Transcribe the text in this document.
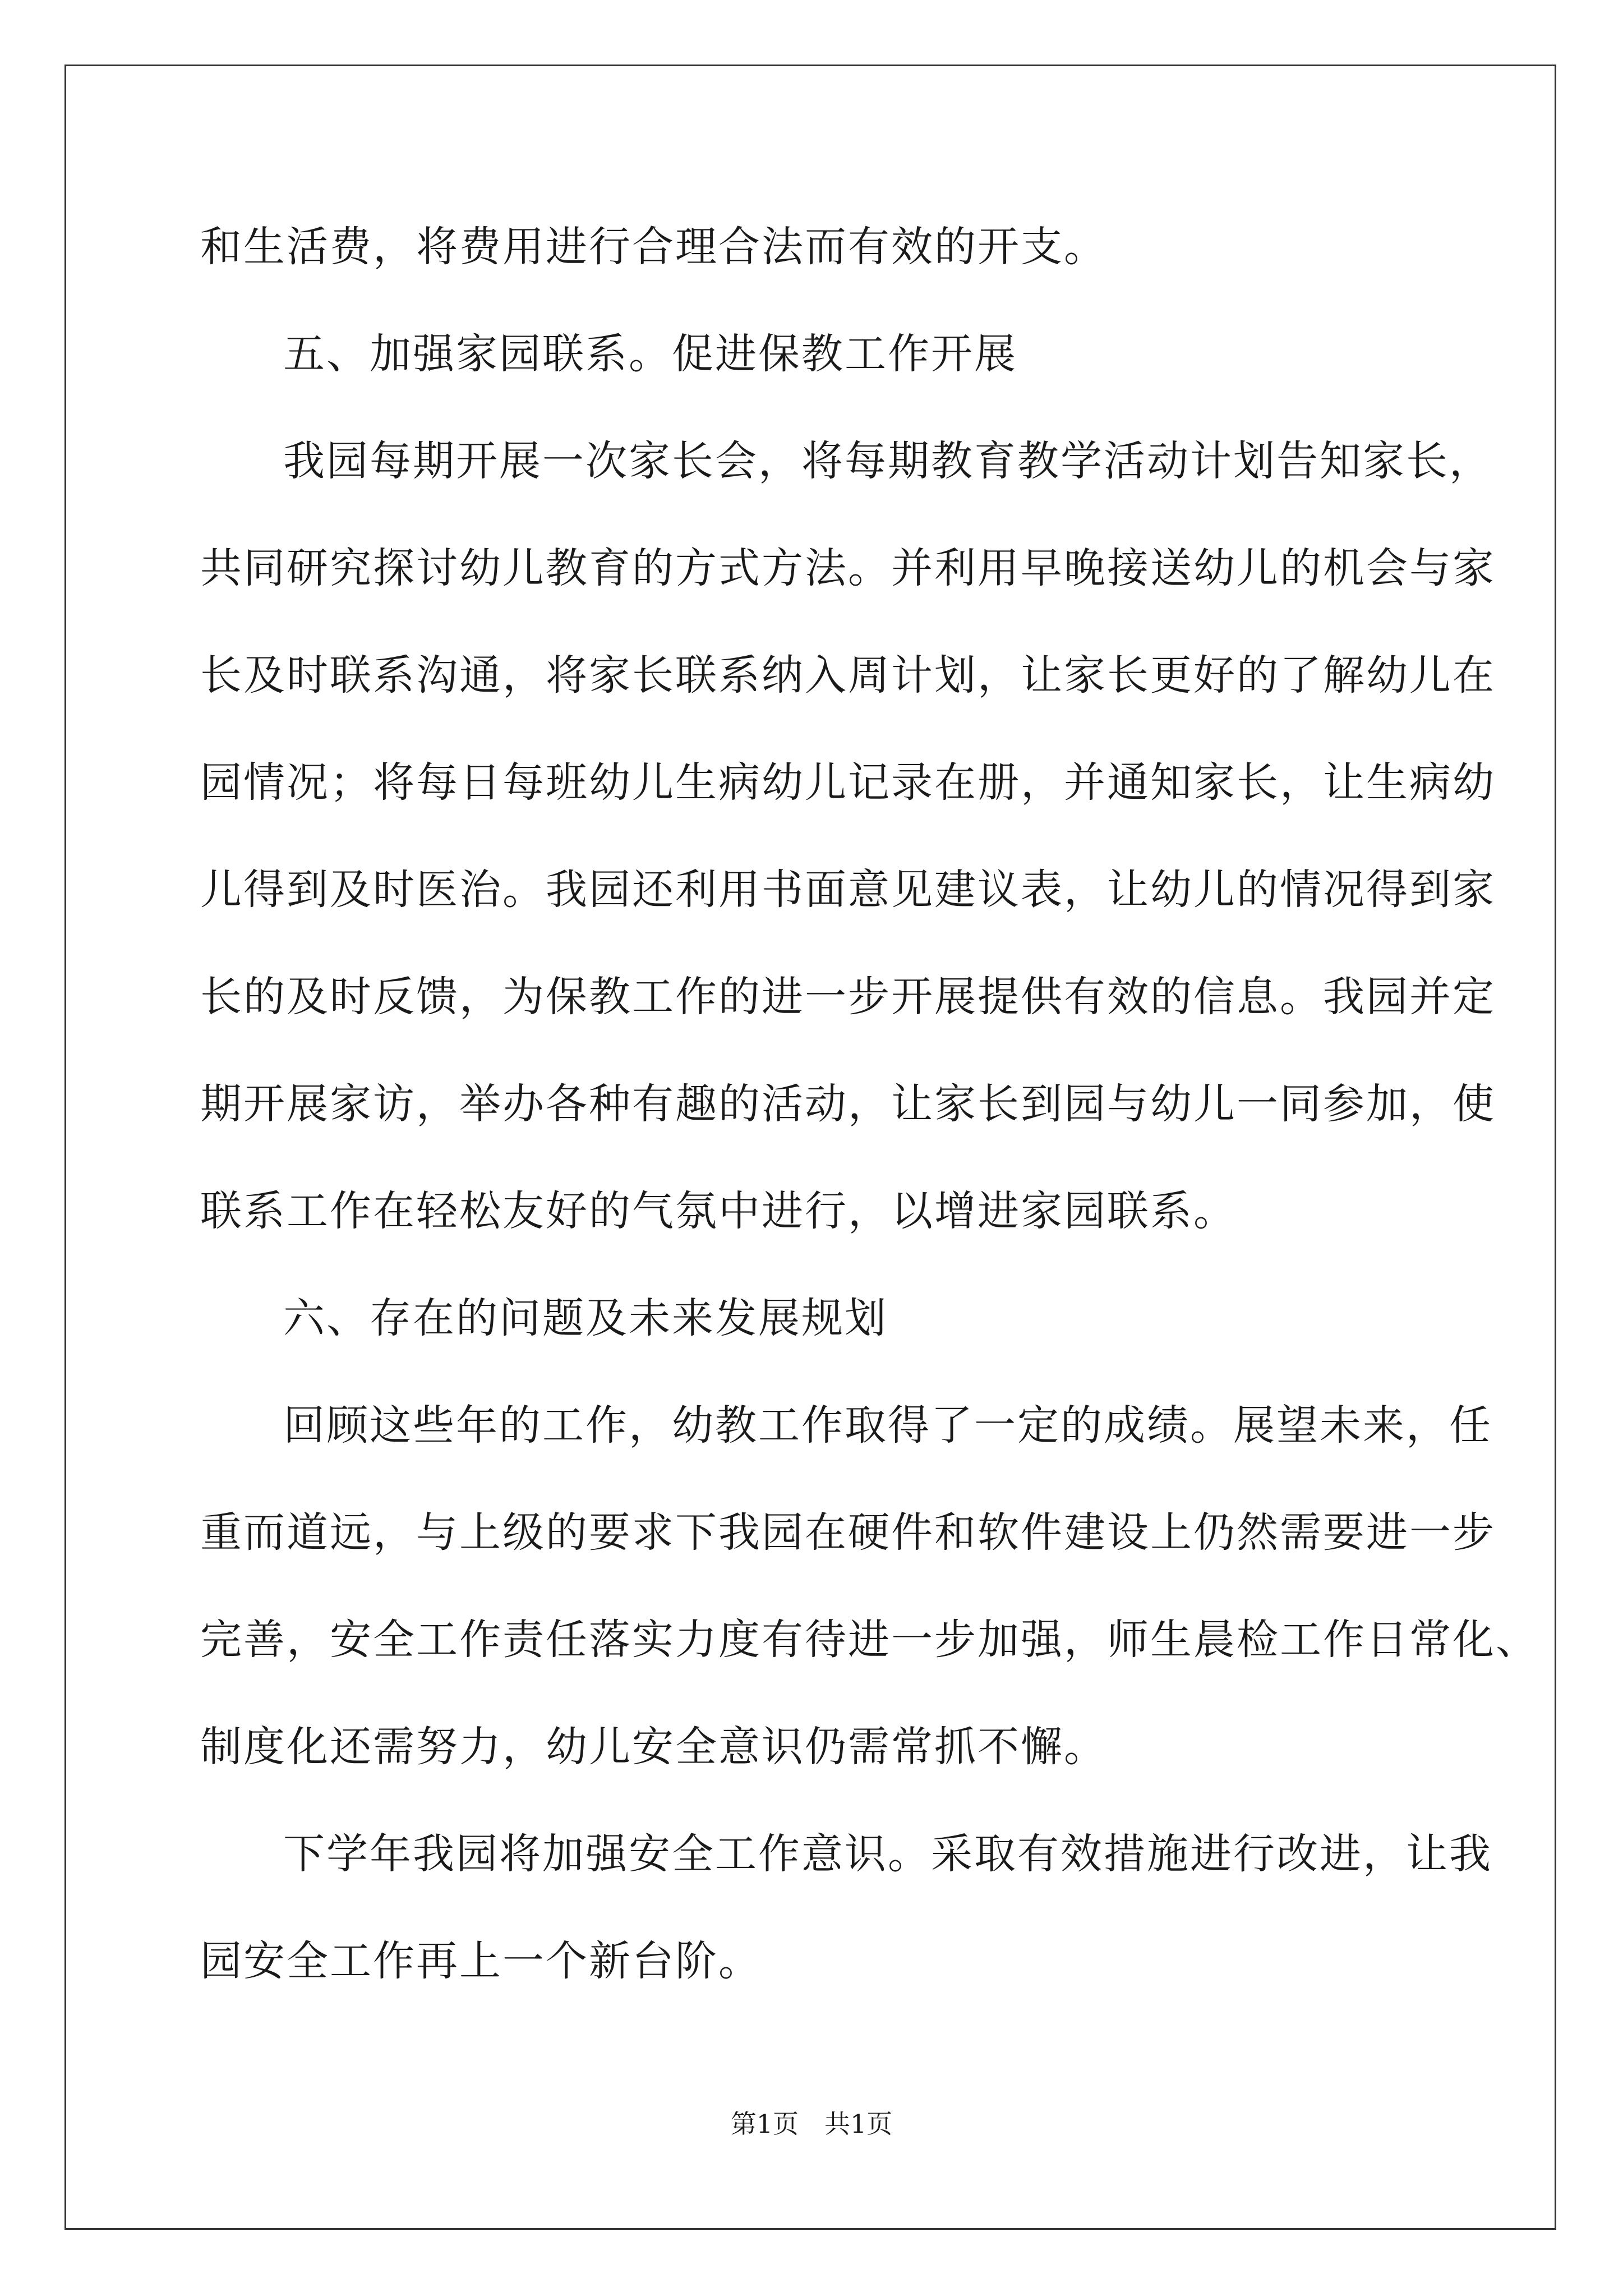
和生活费，将费用进行合理合法而有效的开支。
五、加强家园联系。促进保教工作开展
我园每期开展一次家长会，将每期教育教学活动计划告知家长，
共同研究探讨幼儿教育的方式方法。并利用早晚接送幼儿的机会与家
长及时联系沟通，将家长联系纳入周计划，让家长更好的了解幼儿在
园情况；将每日每班幼儿生病幼儿记录在册，并通知家长，让生病幼
儿得到及时医治。我园还利用书面意见建议表，让幼儿的情况得到家
长的及时反馈，为保教工作的进一步开展提供有效的信息。我园并定
期开展家访，举办各种有趣的活动，让家长到园与幼儿一同参加，使
联系工作在轻松友好的气氛中进行，以增进家园联系。
六、存在的问题及未来发展规划
回顾这些年的工作，幼教工作取得了一定的成绩。展望未来，任
重而道远，与上级的要求下我园在硬件和软件建设上仍然需要进一步
完善，安全工作责任落实力度有待进一步加强，师生晨检工作日常化、
制度化还需努力，幼儿安全意识仍需常抓不懈。
下学年我园将加强安全工作意识。采取有效措施进行改进，让我
园安全工作再上一个新台阶。
第1页　共1页
